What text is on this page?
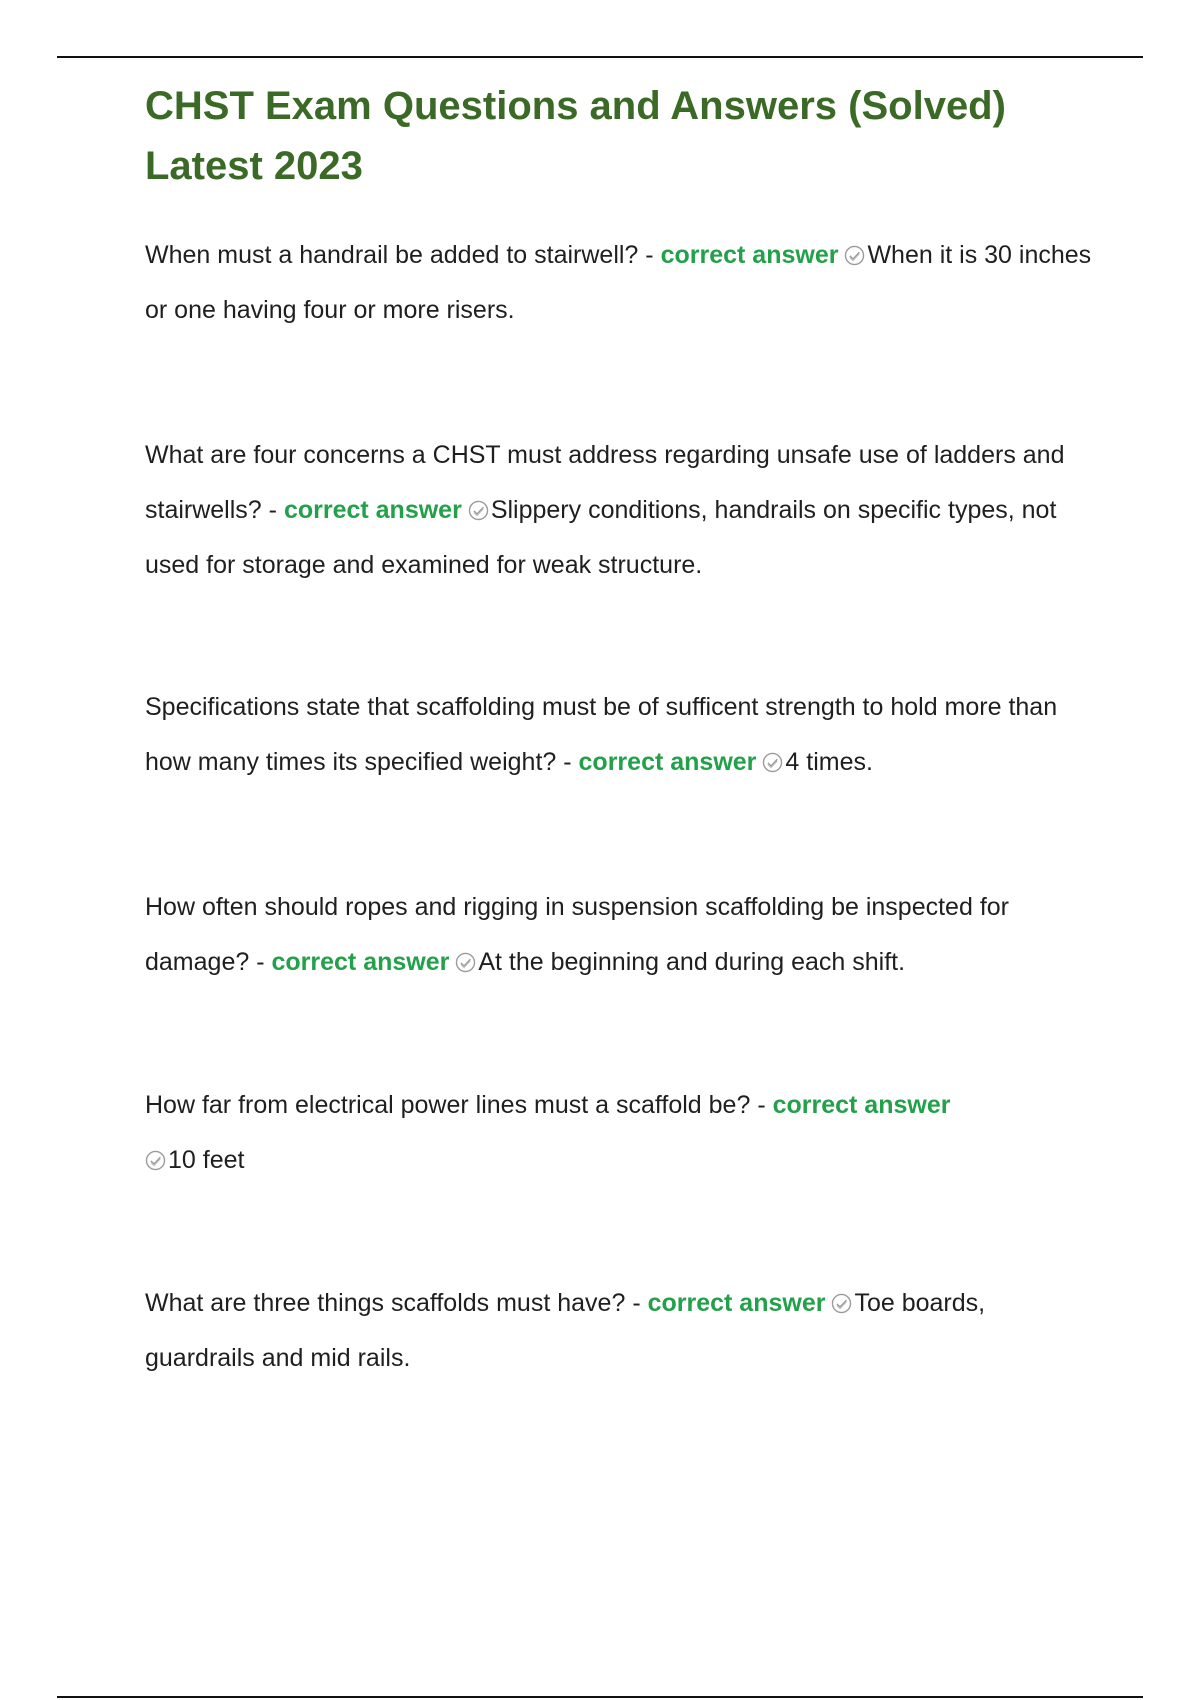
CHST Exam Questions and Answers (Solved) Latest 2023

When must a handrail be added to stairwell? - correct answer When it is 30 inches or one having four or more risers.

What are four concerns a CHST must address regarding unsafe use of ladders and stairwells? - correct answer Slippery conditions, handrails on specific types, not used for storage and examined for weak structure.

Specifications state that scaffolding must be of sufficent strength to hold more than how many times its specified weight? - correct answer 4 times.

How often should ropes and rigging in suspension scaffolding be inspected for damage? - correct answer At the beginning and during each shift.

How far from electrical power lines must a scaffold be? - correct answer

10 feet

What are three things scaffolds must have? - correct answer Toe boards, guardrails and mid rails.
